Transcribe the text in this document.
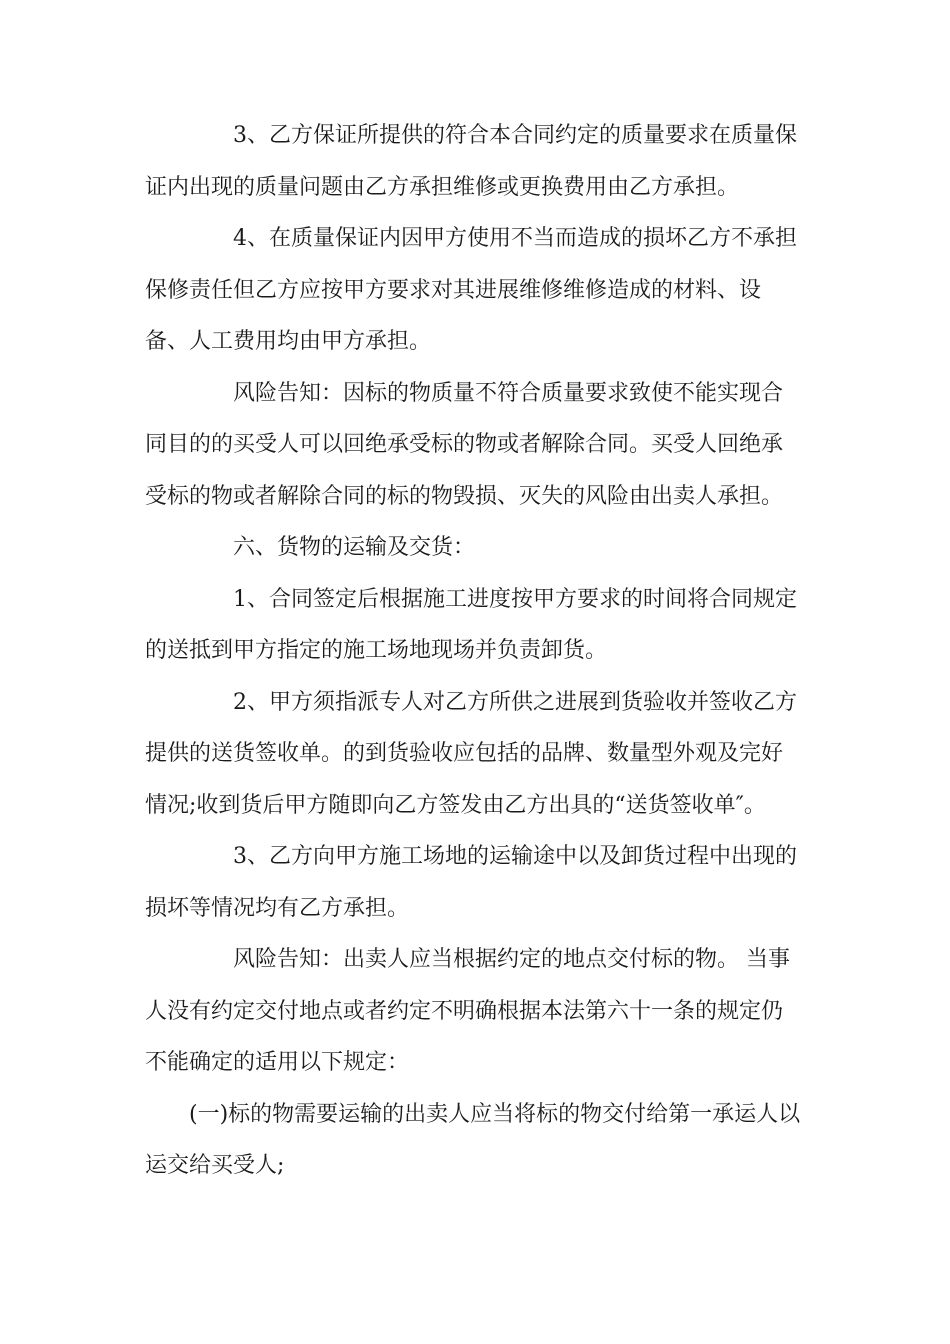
3、乙方保证所提供的符合本合同约定的质量要求在质量保
证内出现的质量问题由乙方承担维修或更换费用由乙方承担。
4、在质量保证内因甲方使用不当而造成的损坏乙方不承担
保修责任但乙方应按甲方要求对其进展维修维修造成的材料、设
备、人工费用均由甲方承担。
风险告知：因标的物质量不符合质量要求致使不能实现合
同目的的买受人可以回绝承受标的物或者解除合同。买受人回绝承
受标的物或者解除合同的标的物毁损、灭失的风险由出卖人承担。
六、货物的运输及交货：
1、合同签定后根据施工进度按甲方要求的时间将合同规定
的送抵到甲方指定的施工场地现场并负责卸货。
2、甲方须指派专人对乙方所供之进展到货验收并签收乙方
提供的送货签收单。的到货验收应包括的品牌、数量型外观及完好
情况;收到货后甲方随即向乙方签发由乙方出具的“送货签收单″。
3、乙方向甲方施工场地的运输途中以及卸货过程中出现的
损坏等情况均有乙方承担。
风险告知：出卖人应当根据约定的地点交付标的物。 当事
人没有约定交付地点或者约定不明确根据本法第六十一条的规定仍
不能确定的适用以下规定：
(一)标的物需要运输的出卖人应当将标的物交付给第一承运人以
运交给买受人;
